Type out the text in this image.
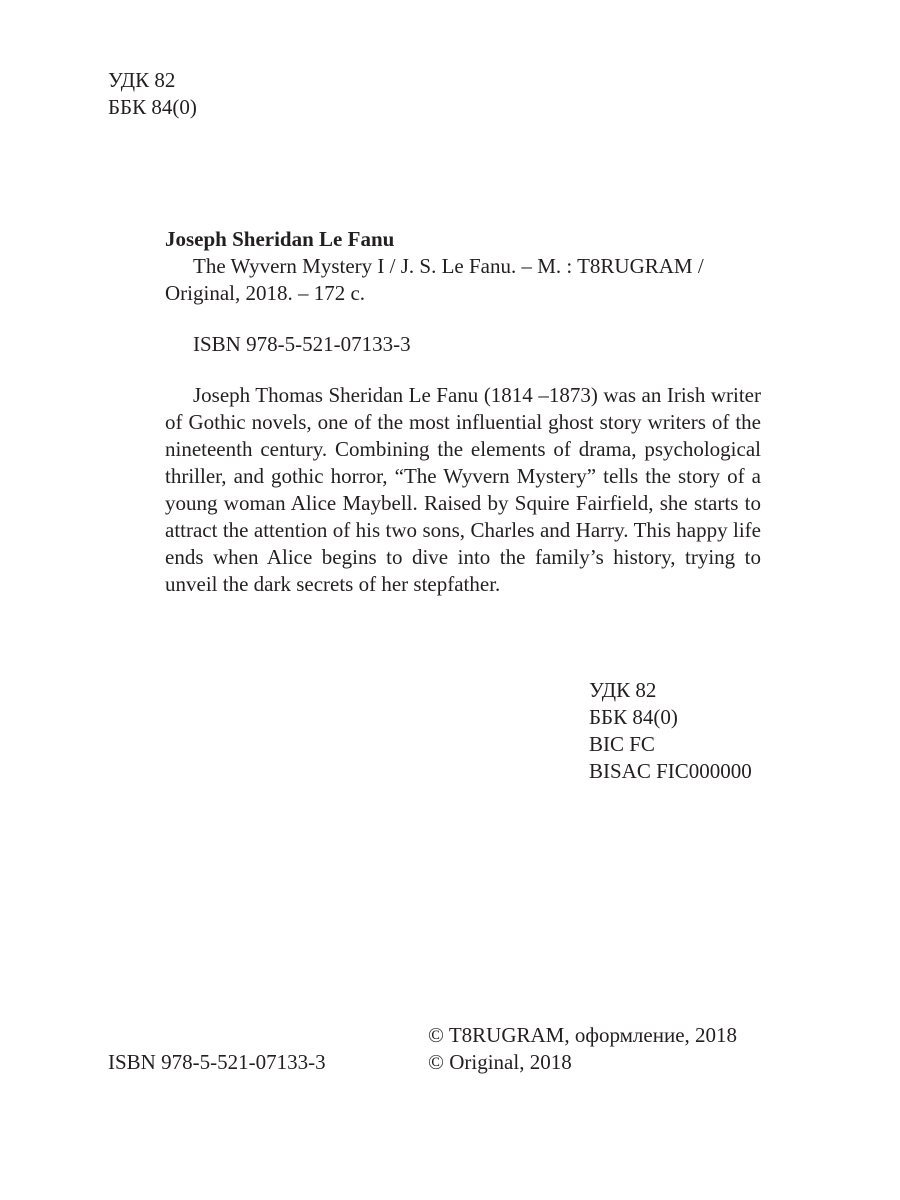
УДК 82
ББК 84(0)
Joseph Sheridan Le Fanu
The Wyvern Mystery I / J. S. Le Fanu. – M. : T8RUGRAM /
Original, 2018. – 172 c.
ISBN 978-5-521-07133-3
Joseph Thomas Sheridan Le Fanu (1814 –1873) was an Irish writer of Gothic novels, one of the most influential ghost story writers of the nineteenth century. Combining the elements of drama, psychological thriller, and gothic horror, “The Wyvern Mystery” tells the story of a young woman Alice Maybell. Raised by Squire Fairfield, she starts to attract the attention of his two sons, Charles and Harry. This happy life ends when Alice begins to dive into the family’s history, trying to unveil the dark secrets of her stepfather.
УДК 82
ББК 84(0)
BIC FC
BISAC FIC000000
ISBN 978-5-521-07133-3
© T8RUGRAM, оформление, 2018
© Original, 2018
